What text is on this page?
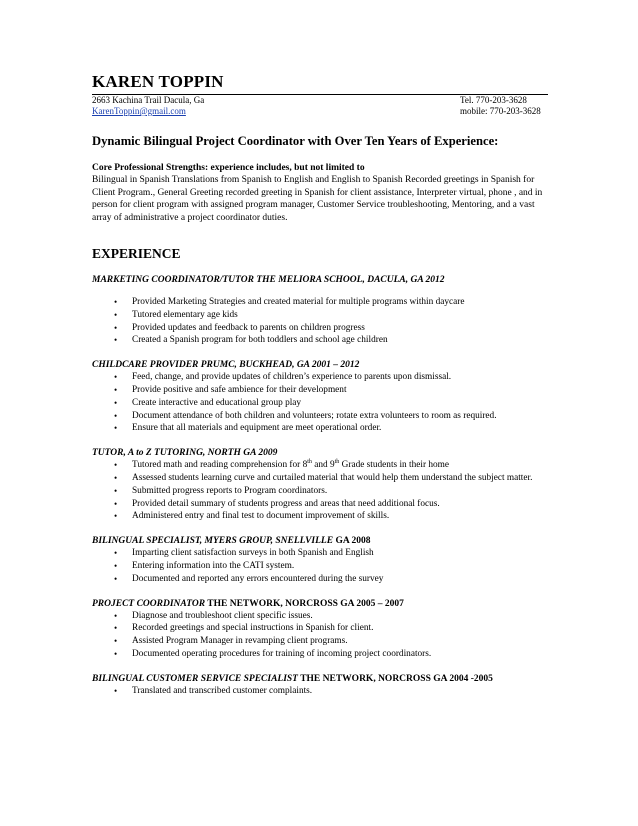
KAREN TOPPIN
2663 Kachina Trail Dacula, Ga
KarenToppin@gmail.com
Tel. 770-203-3628
mobile: 770-203-3628
Dynamic Bilingual Project Coordinator with Over Ten Years of Experience:
Core Professional Strengths: experience includes, but not limited to
Bilingual in Spanish Translations from Spanish to English and English to Spanish Recorded greetings in Spanish for Client Program., General Greeting recorded greeting in Spanish for client assistance, Interpreter virtual, phone , and in person for client program with assigned program manager, Customer Service troubleshooting, Mentoring, and a vast array of administrative a project coordinator duties.
EXPERIENCE
MARKETING COORDINATOR/TUTOR THE MELIORA SCHOOL, DACULA, GA 2012
• Provided Marketing Strategies and created material for multiple programs within daycare
• Tutored elementary age kids
• Provided updates and feedback to parents on children progress
• Created a Spanish program for both toddlers and school age children
CHILDCARE PROVIDER PRUMC, BUCKHEAD, GA 2001 – 2012
• Feed, change, and provide updates of children’s experience to parents upon dismissal.
• Provide positive and safe ambience for their development
• Create interactive and educational group play
• Document attendance of both children and volunteers; rotate extra volunteers to room as required.
• Ensure that all materials and equipment are meet operational order.
TUTOR, A to Z TUTORING, NORTH GA 2009
• Tutored math and reading comprehension for 8th and 9th Grade students in their home
• Assessed students learning curve and curtailed material that would help them understand the subject matter.
• Submitted progress reports to Program coordinators.
• Provided detail summary of students progress and areas that need additional focus.
• Administered entry and final test to document improvement of skills.
BILINGUAL SPECIALIST, MYERS GROUP, SNELLVILLE GA 2008
• Imparting client satisfaction surveys in both Spanish and English
• Entering information into the CATI system.
• Documented and reported any errors encountered during the survey
PROJECT COORDINATOR THE NETWORK, NORCROSS GA 2005 – 2007
• Diagnose and troubleshoot client specific issues.
• Recorded greetings and special instructions in Spanish for client.
• Assisted Program Manager in revamping client programs.
• Documented operating procedures for training of incoming project coordinators.
BILINGUAL CUSTOMER SERVICE SPECIALIST THE NETWORK, NORCROSS GA 2004 -2005
• Translated and transcribed customer complaints.
